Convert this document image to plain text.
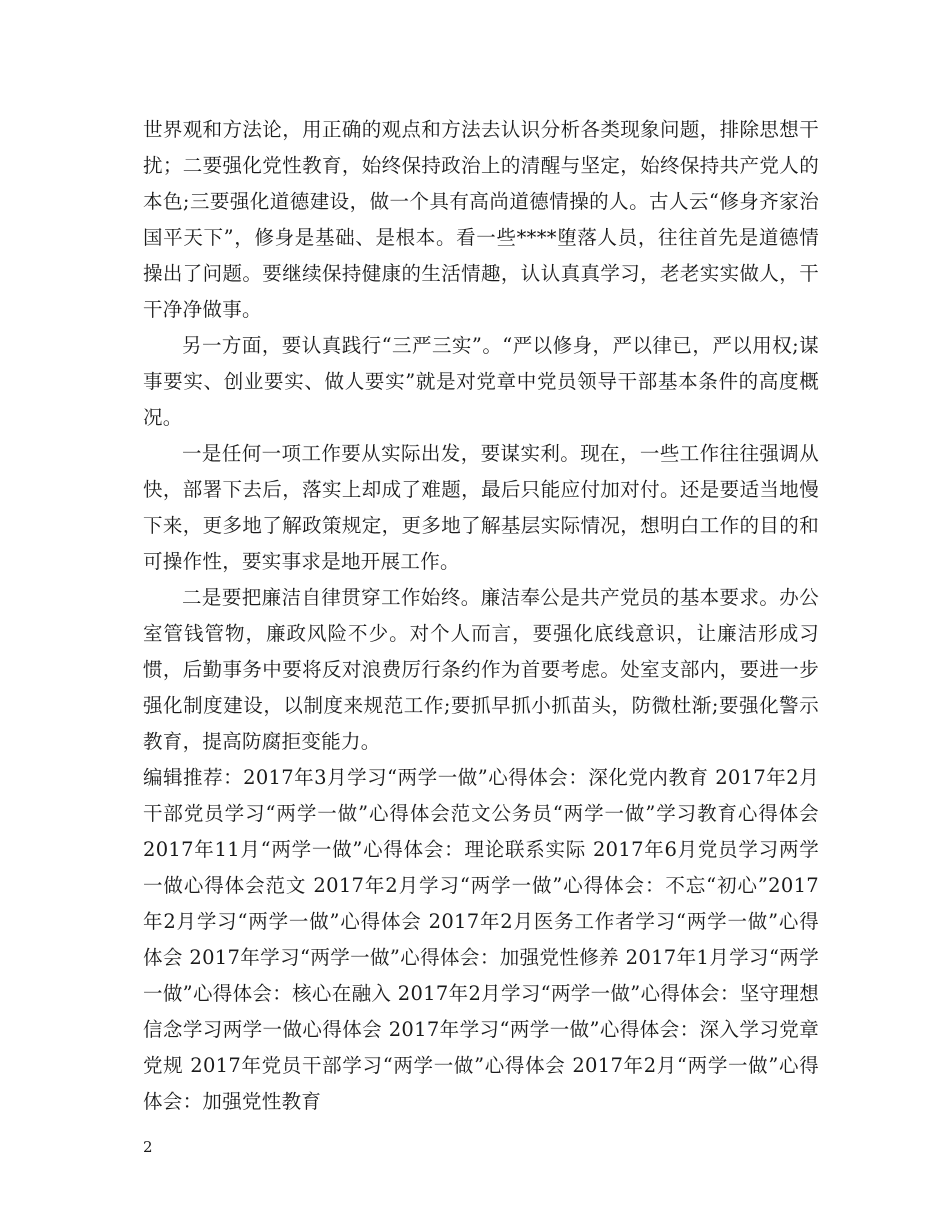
世界观和方法论，用正确的观点和方法去认识分析各类现象问题，排除思想干扰；二要强化党性教育，始终保持政治上的清醒与坚定，始终保持共产党人的本色;三要强化道德建设，做一个具有高尚道德情操的人。古人云“修身齐家治国平天下”，修身是基础、是根本。看一些****堕落人员，往往首先是道德情操出了问题。要继续保持健康的生活情趣，认认真真学习，老老实实做人，干干净净做事。

另一方面，要认真践行“三严三实”。“严以修身，严以律已，严以用权;谋事要实、创业要实、做人要实”就是对党章中党员领导干部基本条件的高度概况。

一是任何一项工作要从实际出发，要谋实利。现在，一些工作往往强调从快，部署下去后，落实上却成了难题，最后只能应付加对付。还是要适当地慢下来，更多地了解政策规定，更多地了解基层实际情况，想明白工作的目的和可操作性，要实事求是地开展工作。

二是要把廉洁自律贯穿工作始终。廉洁奉公是共产党员的基本要求。办公室管钱管物，廉政风险不少。对个人而言，要强化底线意识，让廉洁形成习惯，后勤事务中要将反对浪费厉行条约作为首要考虑。处室支部内，要进一步强化制度建设，以制度来规范工作;要抓早抓小抓苗头，防微杜渐;要强化警示教育，提高防腐拒变能力。

编辑推荐：2017年3月学习“两学一做”心得体会：深化党内教育 2017年2月干部党员学习“两学一做”心得体会范文公务员“两学一做”学习教育心得体会 2017年11月“两学一做”心得体会：理论联系实际 2017年6月党员学习两学一做心得体会范文 2017年2月学习“两学一做”心得体会：不忘“初心”2017年2月学习“两学一做”心得体会 2017年2月医务工作者学习“两学一做”心得体会 2017年学习“两学一做”心得体会：加强党性修养 2017年1月学习“两学一做”心得体会：核心在融入 2017年2月学习“两学一做”心得体会：坚守理想信念学习两学一做心得体会 2017年学习“两学一做”心得体会：深入学习党章党规 2017年党员干部学习“两学一做”心得体会 2017年2月“两学一做”心得体会：加强党性教育

2
